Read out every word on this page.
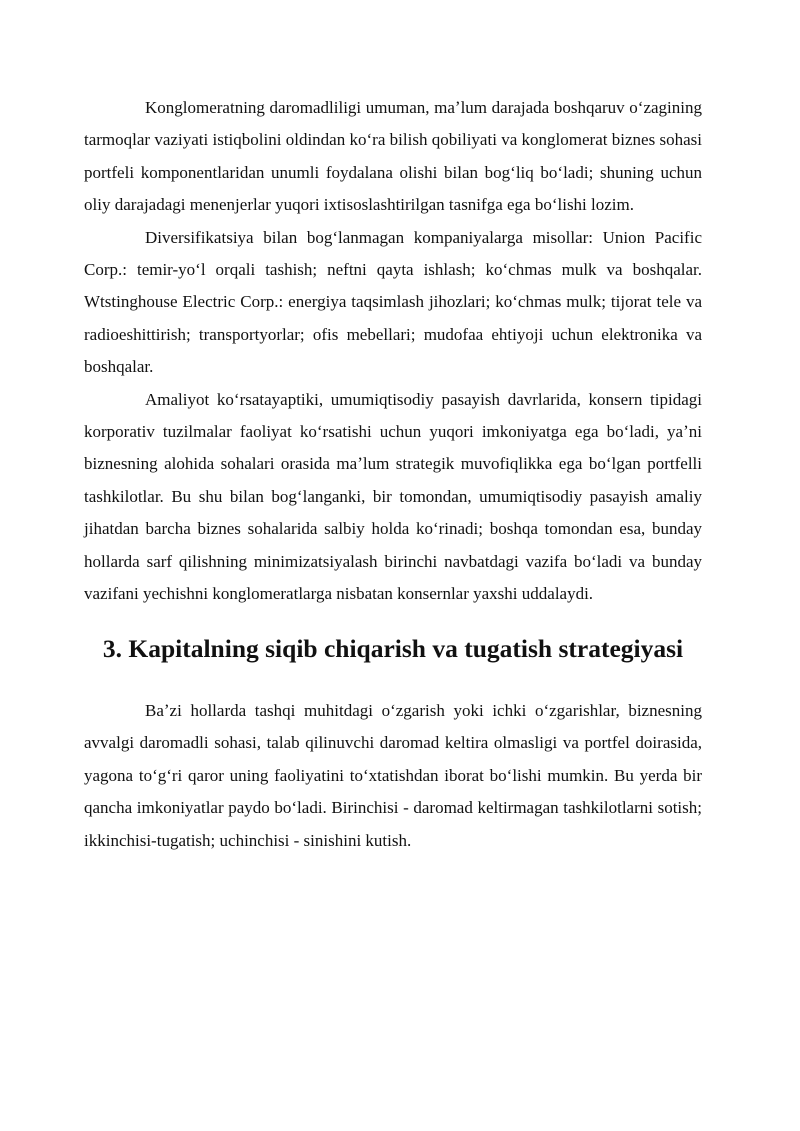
Konglomeratning daromadliligi umuman, maʼlum darajada boshqaruv oʻzagining tarmoqlar vaziyati istiqbolini oldindan koʻra bilish qobiliyati va konglomerat biznes sohasi portfeli komponentlaridan unumli foydalana olishi bilan bogʻliq boʻladi; shuning uchun oliy darajadagi menenjerlar yuqori ixtisoslashtirilgan tasnifga ega boʻlishi lozim.

Diversifikatsiya bilan bogʻlanmagan kompaniyalarga misollar: Union Pacific Corp.: temir-yoʻl orqali tashish; neftni qayta ishlash; koʻchmas mulk va boshqalar. Wtstinghouse Electric Corp.: energiya taqsimlash jihozlari; koʻchmas mulk; tijorat tele va radioeshittirish; transportyorlar; ofis mebellari; mudofaa ehtiyoji uchun elektronika va boshqalar.

Amaliyot koʻrsatayaptiki, umumiqtisodiy pasayish davrlarida, konsern tipidagi korporativ tuzilmalar faoliyat koʻrsatishi uchun yuqori imkoniyatga ega boʻladi, yaʼni biznesning alohida sohalari orasida maʼlum strategik muvofiqlikka ega boʻlgan portfelli tashkilotlar. Bu shu bilan bogʻlanganki, bir tomondan, umumiqtisodiy pasayish amaliy jihatdan barcha biznes sohalarida salbiy holda koʻrinadi; boshqa tomondan esa, bunday hollarda sarf qilishning minimizatsiyalash birinchi navbatdagi vazifa boʻladi va bunday vazifani yechishni konglomeratlarga nisbatan konsernlar yaxshi uddalaydi.

3. Kapitalning siqib chiqarish va tugatish strategiyasi

Baʼzi hollarda tashqi muhitdagi oʻzgarish yoki ichki oʻzgarishlar, biznesning avvalgi daromadli sohasi, talab qilinuvchi daromad keltira olmasligi va portfel doirasida, yagona toʻgʻri qaror uning faoliyatini toʻxtatishdan iborat boʻlishi mumkin. Bu yerda bir qancha imkoniyatlar paydo boʻladi. Birinchisi - daromad keltirmagan tashkilotlarni sotish; ikkinchisi-tugatish; uchinchisi - sinishini kutish.
